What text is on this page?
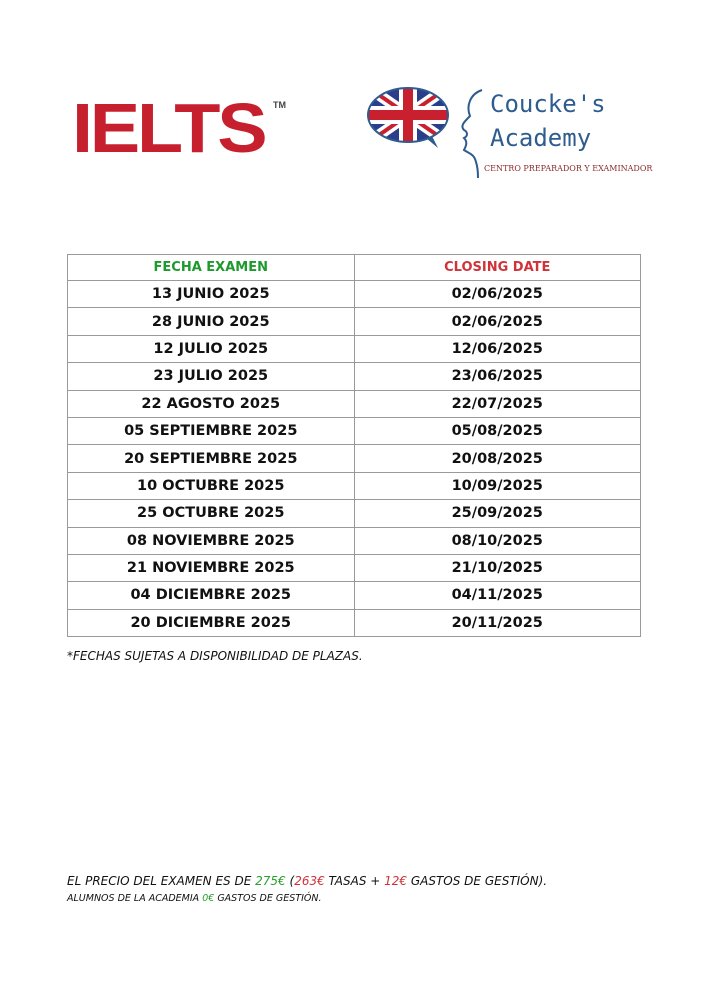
IELTS TM	Coucke's
Academy
CENTRO PREPARADOR Y EXAMINADOR
FECHA EXAMEN	CLOSING DATE
13 JUNIO 2025	02/06/2025
28 JUNIO 2025	02/06/2025
12 JULIO 2025	12/06/2025
23 JULIO 2025	23/06/2025
22 AGOSTO 2025	22/07/2025
05 SEPTIEMBRE 2025	05/08/2025
20 SEPTIEMBRE 2025	20/08/2025
10 OCTUBRE 2025	10/09/2025
25 OCTUBRE 2025	25/09/2025
08 NOVIEMBRE 2025	08/10/2025
21 NOVIEMBRE 2025	21/10/2025
04 DICIEMBRE 2025	04/11/2025
20 DICIEMBRE 2025	20/11/2025
*FECHAS SUJETAS A DISPONIBILIDAD DE PLAZAS.
EL PRECIO DEL EXAMEN ES DE 275€ (263€ TASAS + 12€ GASTOS DE GESTIÓN).
ALUMNOS DE LA ACADEMIA 0€ GASTOS DE GESTIÓN.
